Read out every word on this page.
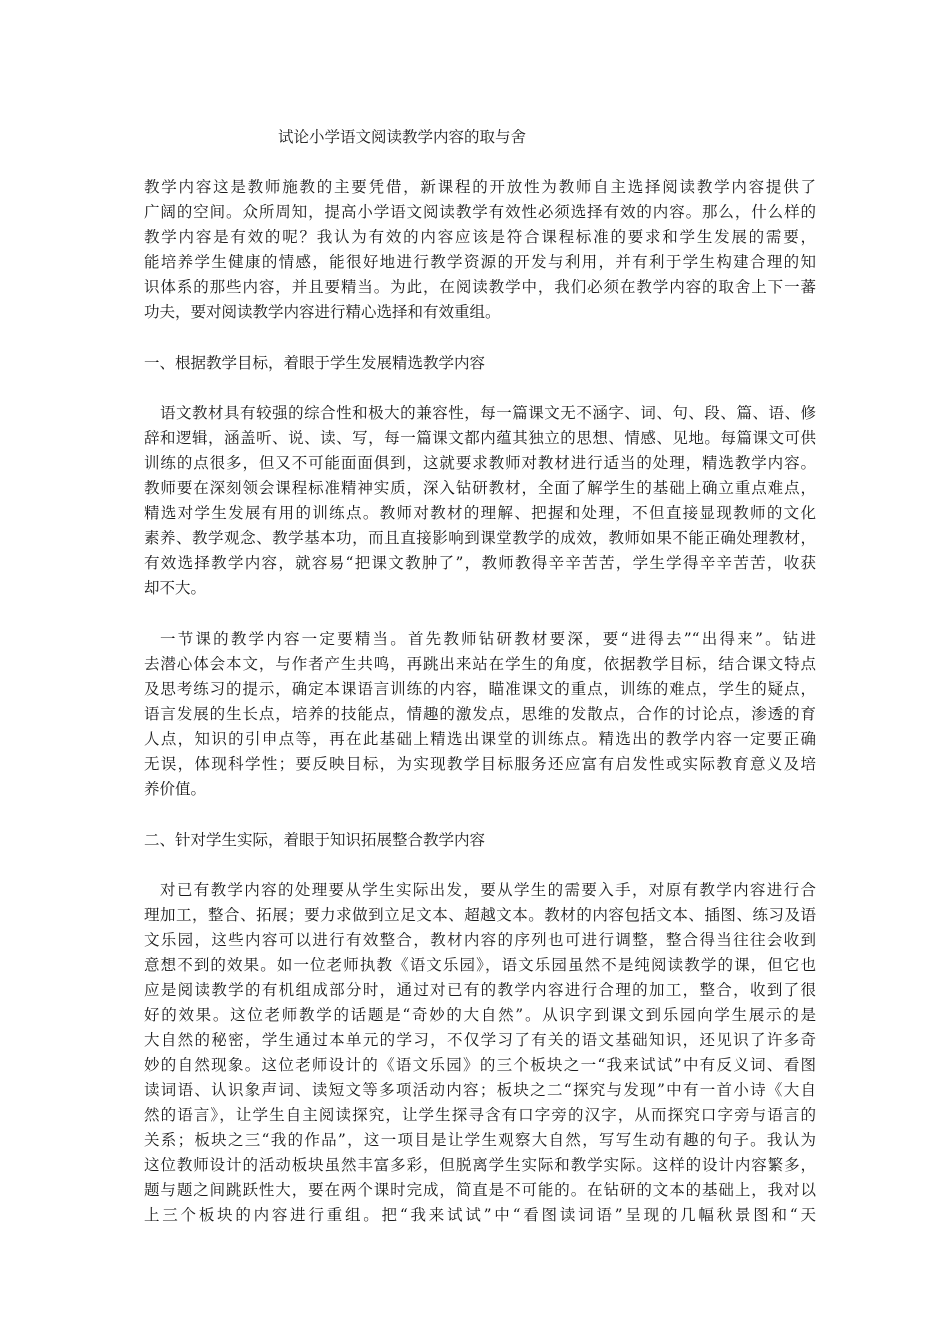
试论小学语文阅读教学内容的取与舍
教学内容这是教师施教的主要凭借，新课程的开放性为教师自主选择阅读教学内容提供了
广阔的空间。众所周知，提高小学语文阅读教学有效性必须选择有效的内容。那么，什么样的
教学内容是有效的呢？我认为有效的内容应该是符合课程标准的要求和学生发展的需要，
能培养学生健康的情感，能很好地进行教学资源的开发与利用，并有利于学生构建合理的知
识体系的那些内容，并且要精当。为此，在阅读教学中，我们必须在教学内容的取舍上下一蕃
功夫，要对阅读教学内容进行精心选择和有效重组。
一、根据教学目标，着眼于学生发展精选教学内容
语文教材具有较强的综合性和极大的兼容性，每一篇课文无不涵字、词、句、段、篇、语、修
辞和逻辑，涵盖听、说、读、写，每一篇课文都内蕴其独立的思想、情感、见地。每篇课文可供
训练的点很多，但又不可能面面俱到，这就要求教师对教材进行适当的处理，精选教学内容。
教师要在深刻领会课程标准精神实质，深入钻研教材，全面了解学生的基础上确立重点难点，
精选对学生发展有用的训练点。教师对教材的理解、把握和处理，不但直接显现教师的文化
素养、教学观念、教学基本功，而且直接影响到课堂教学的成效，教师如果不能正确处理教材，
有效选择教学内容，就容易“把课文教肿了”，教师教得辛辛苦苦，学生学得辛辛苦苦，收获
却不大。
一节课的教学内容一定要精当。首先教师钻研教材要深，要“进得去”“出得来”。钻进
去潜心体会本文，与作者产生共鸣，再跳出来站在学生的角度，依据教学目标，结合课文特点
及思考练习的提示，确定本课语言训练的内容，瞄准课文的重点，训练的难点，学生的疑点，
语言发展的生长点，培养的技能点，情趣的激发点，思维的发散点，合作的讨论点，渗透的育
人点，知识的引申点等，再在此基础上精选出课堂的训练点。精选出的教学内容一定要正确
无误，体现科学性；要反映目标，为实现教学目标服务还应富有启发性或实际教育意义及培
养价值。
二、针对学生实际，着眼于知识拓展整合教学内容
对已有教学内容的处理要从学生实际出发，要从学生的需要入手，对原有教学内容进行合
理加工，整合、拓展；要力求做到立足文本、超越文本。教材的内容包括文本、插图、练习及语
文乐园，这些内容可以进行有效整合，教材内容的序列也可进行调整，整合得当往往会收到
意想不到的效果。如一位老师执教《语文乐园》，语文乐园虽然不是纯阅读教学的课，但它也
应是阅读教学的有机组成部分时，通过对已有的教学内容进行合理的加工，整合，收到了很
好的效果。这位老师教学的话题是“奇妙的大自然”。从识字到课文到乐园向学生展示的是
大自然的秘密，学生通过本单元的学习，不仅学习了有关的语文基础知识，还见识了许多奇
妙的自然现象。这位老师设计的《语文乐园》的三个板块之一“我来试试”中有反义词、看图
读词语、认识象声词、读短文等多项活动内容；板块之二“探究与发现”中有一首小诗《大自
然的语言》，让学生自主阅读探究，让学生探寻含有口字旁的汉字，从而探究口字旁与语言的
关系；板块之三“我的作品”，这一项目是让学生观察大自然，写写生动有趣的句子。我认为
这位教师设计的活动板块虽然丰富多彩，但脱离学生实际和教学实际。这样的设计内容繁多，
题与题之间跳跃性大，要在两个课时完成，简直是不可能的。在钻研的文本的基础上，我对以
上三个板块的内容进行重组。把“我来试试”中“看图读词语”呈现的几幅秋景图和“天
